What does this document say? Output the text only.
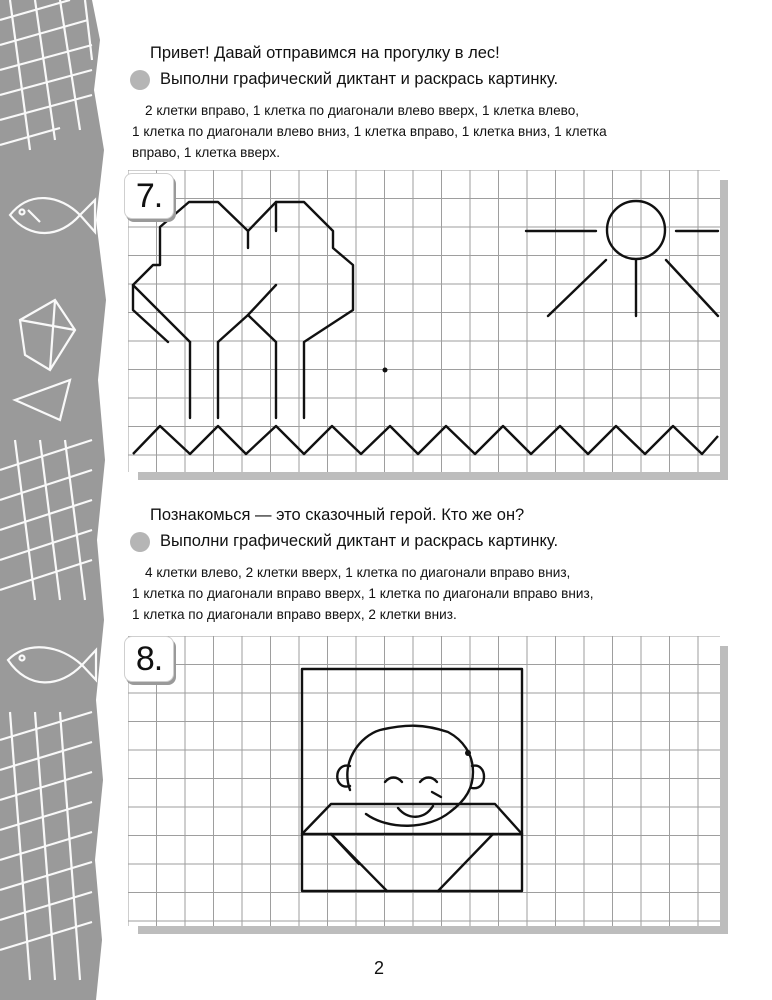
Привет! Давай отправимся на прогулку в лес!
Выполни графический диктант и раскрась картинку.
2 клетки вправо, 1 клетка по диагонали влево вверх, 1 клетка влево,
1 клетка по диагонали влево вниз, 1 клетка вправо, 1 клетка вниз, 1 клетка
вправо, 1 клетка вверх.
7.
Познакомься — это сказочный герой. Кто же он?
Выполни графический диктант и раскрась картинку.
4 клетки влево, 2 клетки вверх, 1 клетка по диагонали вправо вниз,
1 клетка по диагонали вправо вверх, 1 клетка по диагонали вправо вниз,
1 клетка по диагонали вправо вверх, 2 клетки вниз.
8.
2
